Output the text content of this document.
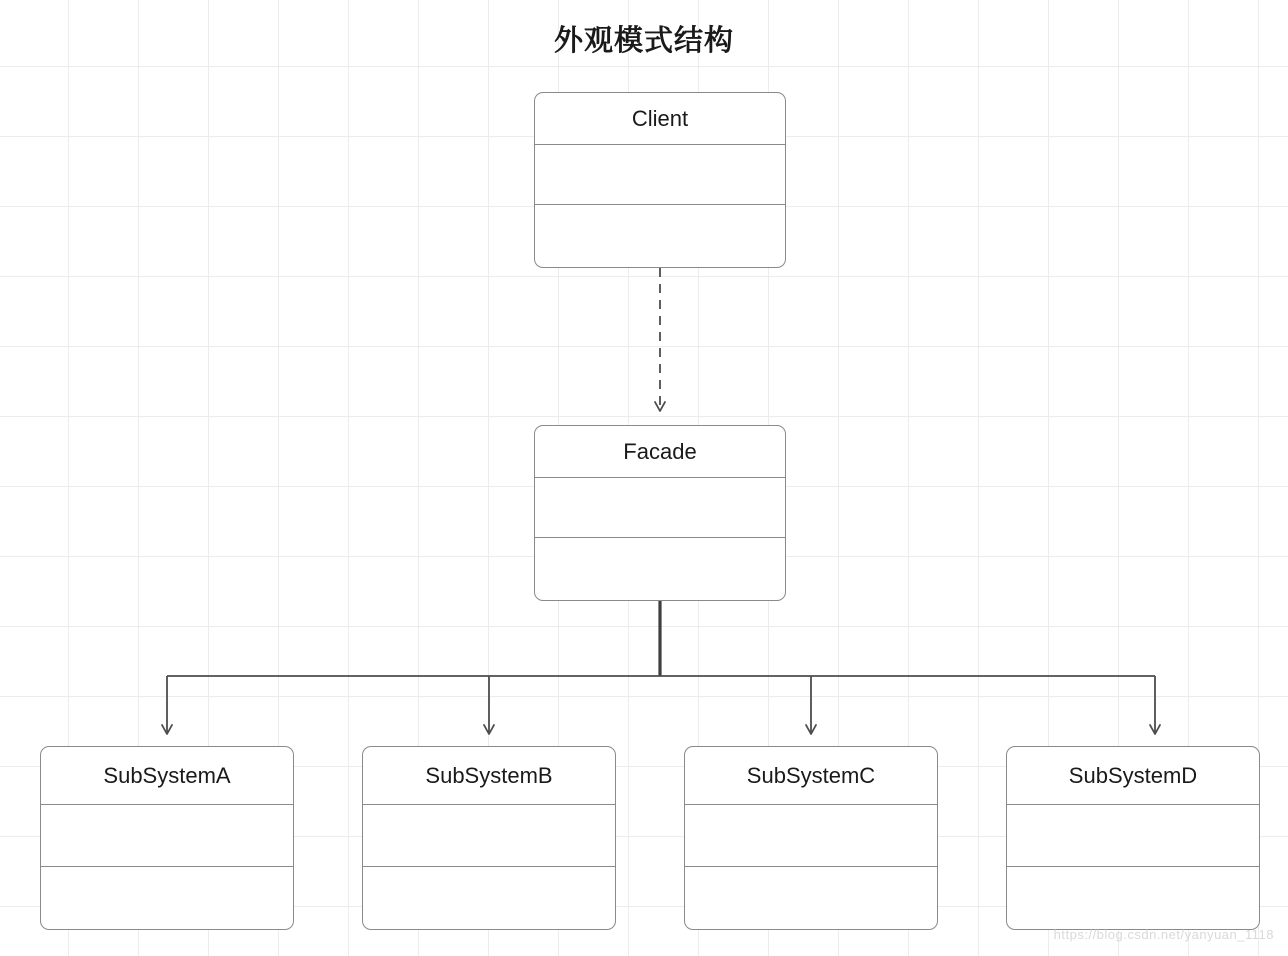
外观模式结构
Client
Facade
SubSystemA	SubSystemB	SubSystemC	SubSystemD
https://blog.csdn.net/yanyuan_1118
